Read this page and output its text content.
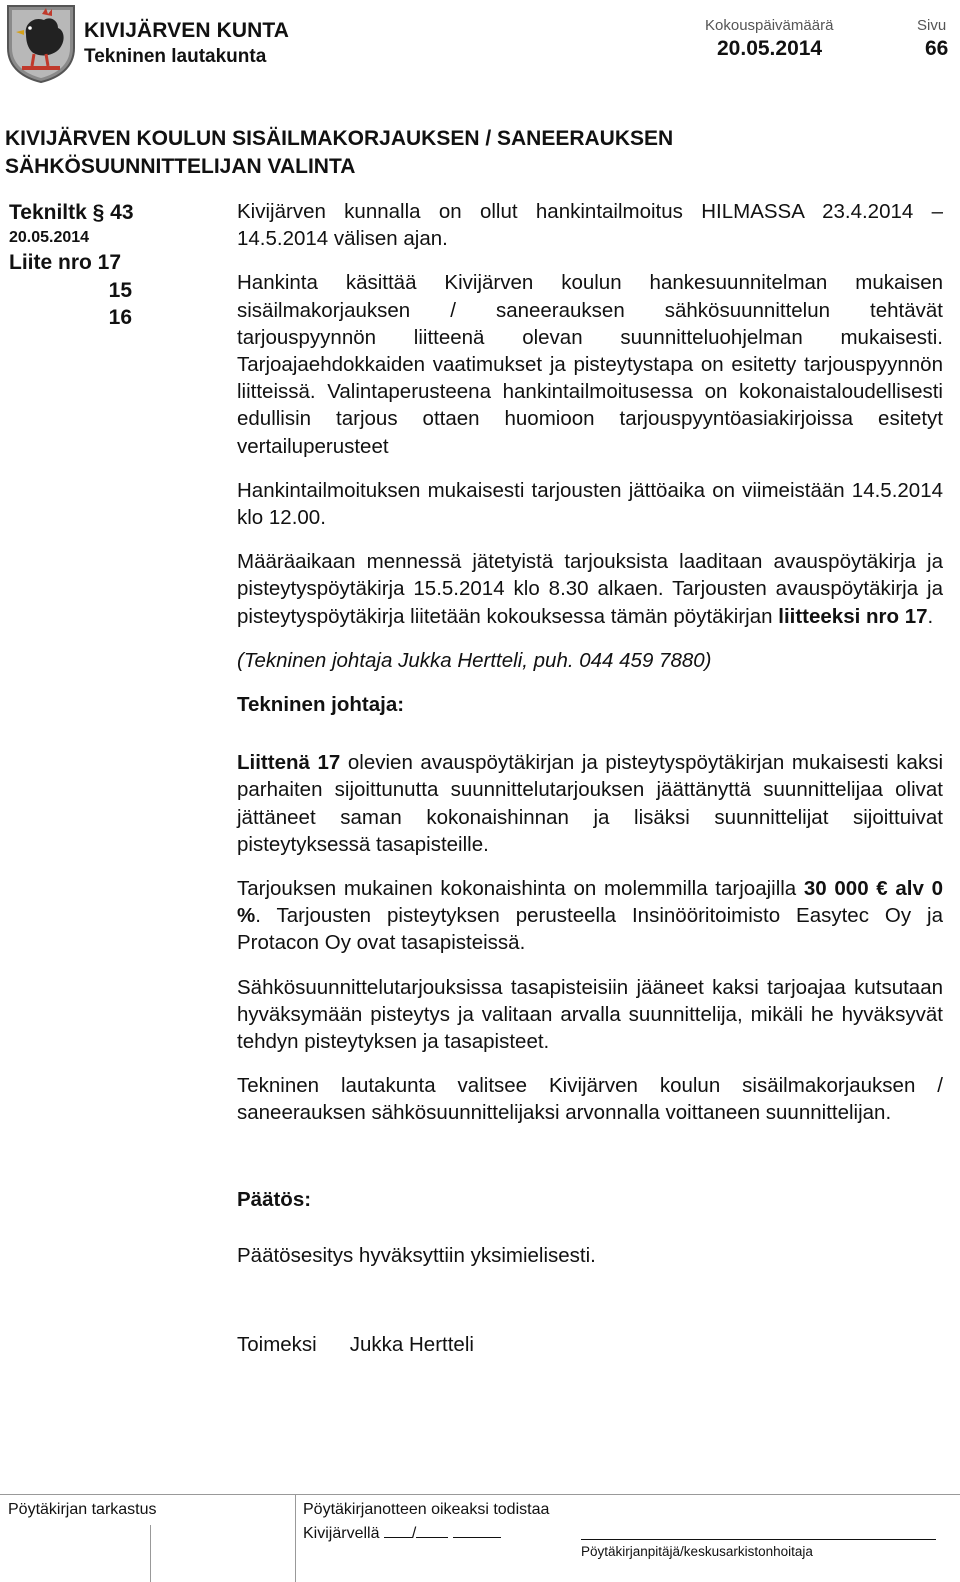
KIVIJÄRVEN KUNTA
Tekninen lautakunta
Kokouspäivämäärä
20.05.2014
Sivu
66
KIVIJÄRVEN KOULUN SISÄILMAKORJAUKSEN / SANEERAUKSEN
SÄHKÖSUUNNITTELIJAN VALINTA
Tekniltk § 43
20.05.2014
Liite nro 17
15
16

Kivijärven kunnalla on ollut hankintailmoitus HILMASSA 23.4.2014 – 14.5.2014 välisen ajan.

Hankinta käsittää Kivijärven koulun hankesuunnitelman mukaisen sisäilmakorjauksen / saneerauksen sähkösuunnittelun tehtävät tarjouspyynnön liitteenä olevan suunnitteluohjelman mukaisesti. Tarjoajaehdokkaiden vaatimukset ja pisteytystapa on esitetty tarjouspyynnön liitteissä. Valintaperusteena hankintailmoitusessa on kokonaistaloudellisesti edullisin tarjous ottaen huomioon tarjouspyyntöasiakirjoissa esitetyt vertailuperusteet

Hankintailmoituksen mukaisesti tarjousten jättöaika on viimeistään 14.5.2014 klo 12.00.

Määräaikaan mennessä jätetyistä tarjouksista laaditaan avauspöytäkirja ja pisteytyspöytäkirja 15.5.2014 klo 8.30 alkaen. Tarjousten avauspöytäkirja ja pisteytyspöytäkirja liitetään kokouksessa tämän pöytäkirjan liitteeksi nro 17.

(Tekninen johtaja Jukka Hertteli, puh. 044 459 7880)

Tekninen johtaja:

Liittenä 17 olevien avauspöytäkirjan ja pisteytyspöytäkirjan mukaisesti kaksi parhaiten sijoittunutta suunnittelutarjouksen jäättänyttä suunnittelijaa olivat jättäneet saman kokonaishinnan ja lisäksi suunnittelijat sijoittuivat pisteytyksessä tasapisteille.

Tarjouksen mukainen kokonaishinta on molemmilla tarjoajilla 30 000 € alv 0 %. Tarjousten pisteytyksen perusteella Insinööritoimisto Easytec Oy ja Protacon Oy ovat tasapisteissä.

Sähkösuunnittelutarjouksissa tasapisteisiin jääneet kaksi tarjoajaa kutsutaan hyväksymään pisteytys ja valitaan arvalla suunnittelija, mikäli he hyväksyvät tehdyn pisteytyksen ja tasapisteet.

Tekninen lautakunta valitsee Kivijärven koulun sisäilmakorjauksen / saneerauksen sähkösuunnittelijaksi arvonnalla voittaneen suunnittelijan.

Päätös:

Päätösesitys hyväksyttiin yksimielisesti.

Toimeksi Jukka Hertteli

Pöytäkirjan tarkastus	Pöytäkirjanotteen oikeaksi todistaa
Kivijärvellä /
Pöytäkirjanpitäjä/keskusarkistonhoitaja
